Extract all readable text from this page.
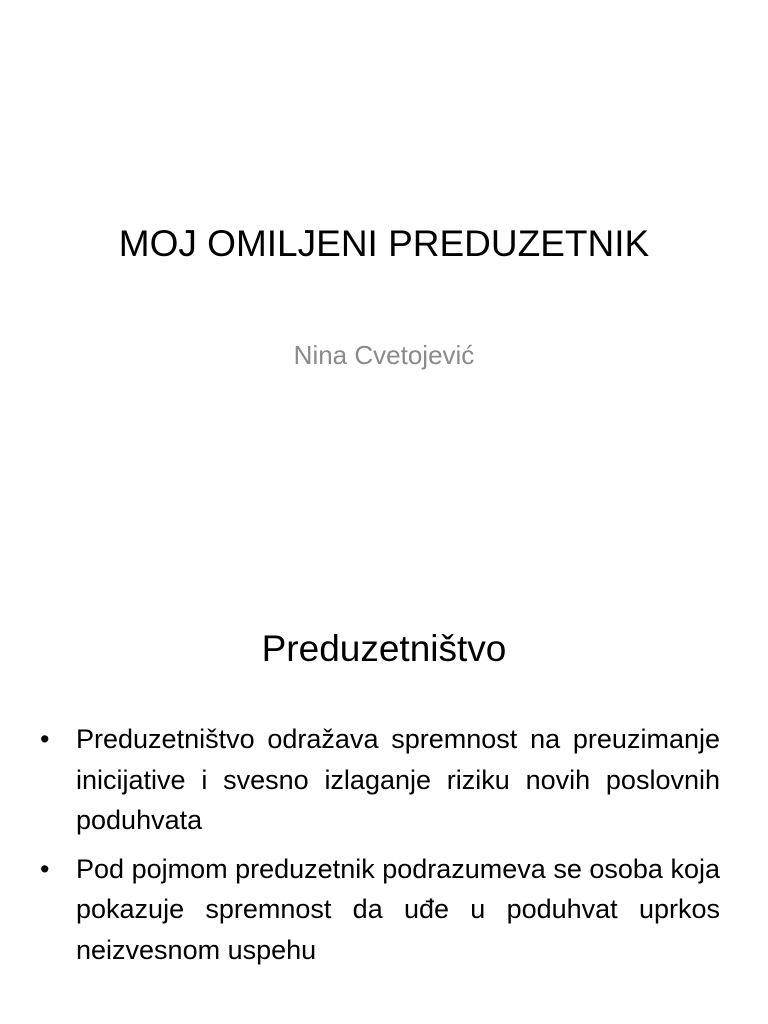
MOJ OMILJENI PREDUZETNIK
Nina Cvetojević
Preduzetništvo
• Preduzetništvo odražava spremnost na preuzimanje inicijative i svesno izlaganje riziku novih poslovnih poduhvata
• Pod pojmom preduzetnik podrazumeva se osoba koja pokazuje spremnost da uđe u poduhvat uprkos neizvesnom uspehu
